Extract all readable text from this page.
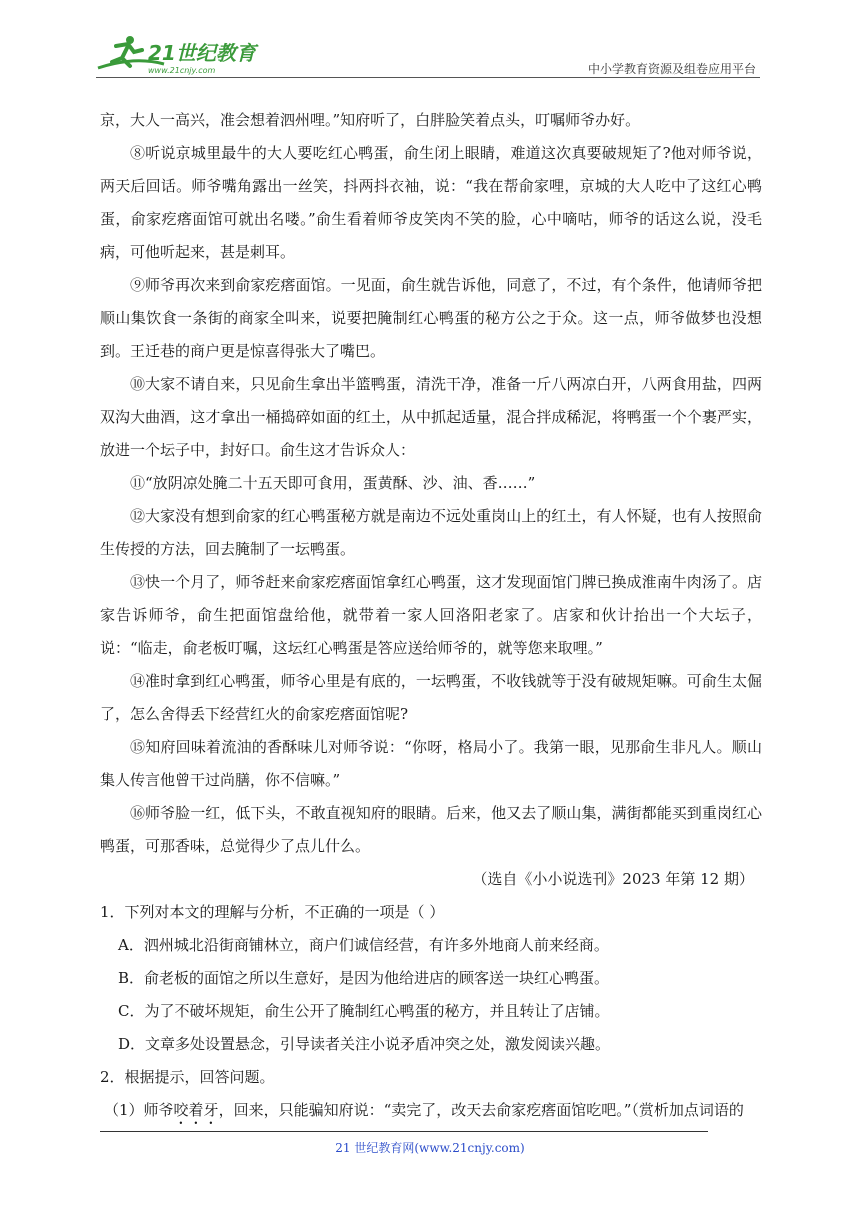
21世纪教育
www.21cnjy.com	中小学教育资源及组卷应用平台

京，大人一高兴，准会想着泗州哩。”知府听了，白胖脸笑着点头，叮嘱师爷办好。

⑧听说京城里最牛的大人要吃红心鸭蛋，俞生闭上眼睛，难道这次真要破规矩了?他对师爷说，两天后回话。师爷嘴角露出一丝笑，抖两抖衣袖，说：“我在帮俞家哩，京城的大人吃中了这红心鸭蛋，俞家疙瘩面馆可就出名喽。”俞生看着师爷皮笑肉不笑的脸，心中嘀咕，师爷的话这么说，没毛病，可他听起来，甚是刺耳。

⑨师爷再次来到俞家疙瘩面馆。一见面，俞生就告诉他，同意了，不过，有个条件，他请师爷把顺山集饮食一条街的商家全叫来，说要把腌制红心鸭蛋的秘方公之于众。这一点，师爷做梦也没想到。王迁巷的商户更是惊喜得张大了嘴巴。

⑩大家不请自来，只见俞生拿出半篮鸭蛋，清洗干净，准备一斤八两凉白开，八两食用盐，四两双沟大曲酒，这才拿出一桶捣碎如面的红土，从中抓起适量，混合拌成稀泥，将鸭蛋一个个裹严实，放进一个坛子中，封好口。俞生这才告诉众人：

⑪“放阴凉处腌二十五天即可食用，蛋黄酥、沙、油、香……”

⑫大家没有想到俞家的红心鸭蛋秘方就是南边不远处重岗山上的红土，有人怀疑，也有人按照俞生传授的方法，回去腌制了一坛鸭蛋。

⑬快一个月了，师爷赶来俞家疙瘩面馆拿红心鸭蛋，这才发现面馆门牌已换成淮南牛肉汤了。店家告诉师爷，俞生把面馆盘给他，就带着一家人回洛阳老家了。店家和伙计抬出一个大坛子，说：“临走，俞老板叮嘱，这坛红心鸭蛋是答应送给师爷的，就等您来取哩。”

⑭准时拿到红心鸭蛋，师爷心里是有底的，一坛鸭蛋，不收钱就等于没有破规矩嘛。可俞生太倔了，怎么舍得丢下经营红火的俞家疙瘩面馆呢?

⑮知府回味着流油的香酥味儿对师爷说：“你呀，格局小了。我第一眼，见那俞生非凡人。顺山集人传言他曾干过尚膳，你不信嘛。”

⑯师爷脸一红，低下头，不敢直视知府的眼睛。后来，他又去了顺山集，满街都能买到重岗红心鸭蛋，可那香味，总觉得少了点儿什么。

（选自《小小说选刊》2023 年第 12 期）

1．下列对本文的理解与分析，不正确的一项是（ ）

A．泗州城北沿街商铺林立，商户们诚信经营，有许多外地商人前来经商。

B．俞老板的面馆之所以生意好，是因为他给进店的顾客送一块红心鸭蛋。

C．为了不破坏规矩，俞生公开了腌制红心鸭蛋的秘方，并且转让了店铺。

D．文章多处设置悬念，引导读者关注小说矛盾冲突之处，激发阅读兴趣。

2．根据提示，回答问题。

（1）师爷咬着牙，回来，只能骗知府说：“卖完了，改天去俞家疙瘩面馆吃吧。”（赏析加点词语的

21 世纪教育网(www.21cnjy.com)
